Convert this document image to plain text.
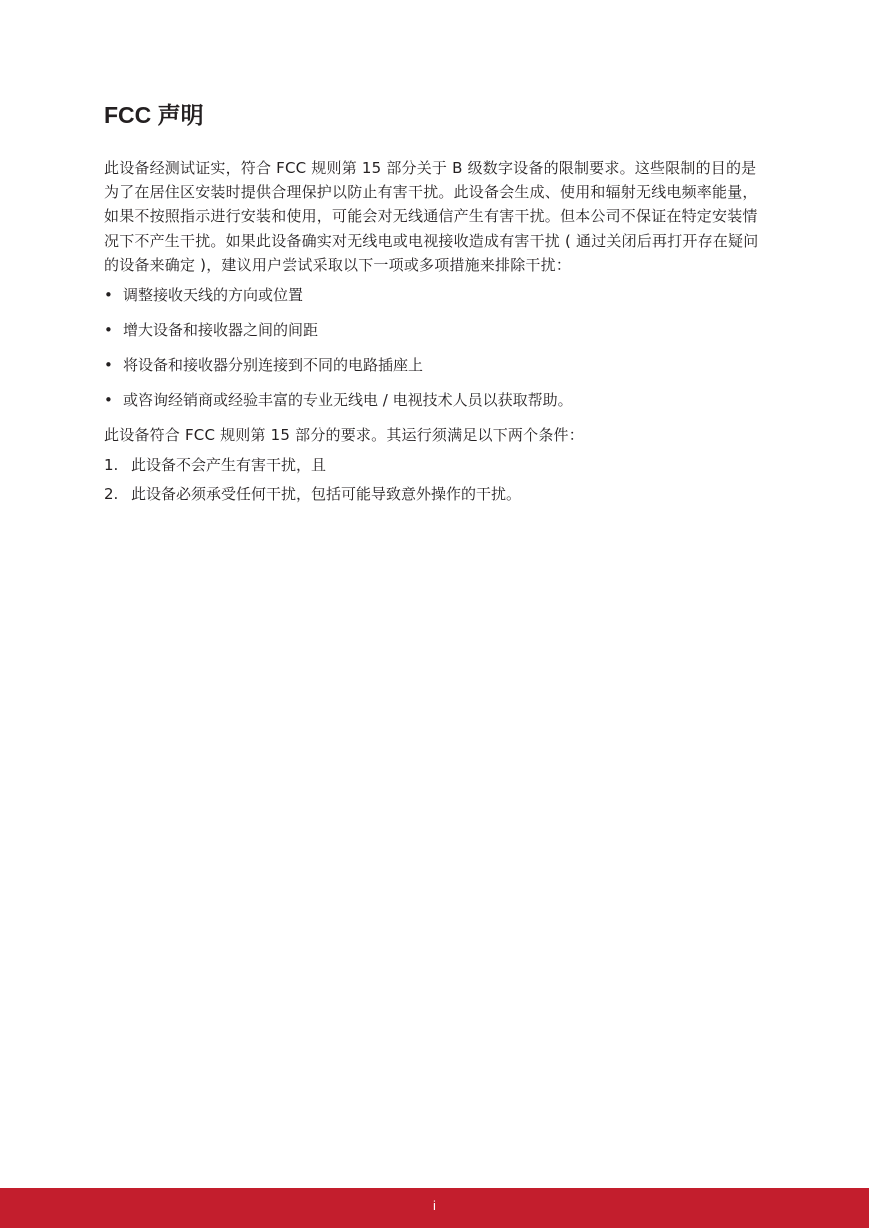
FCC 声明

此设备经测试证实，符合 FCC 规则第 15 部分关于 B 级数字设备的限制要求。这些限制的目的是为了在居住区安装时提供合理保护以防止有害干扰。此设备会生成、使用和辐射无线电频率能量，如果不按照指示进行安装和使用，可能会对无线通信产生有害干扰。但本公司不保证在特定安装情况下不产生干扰。如果此设备确实对无线电或电视接收造成有害干扰 ( 通过关闭后再打开存在疑问的设备来确定 )，建议用户尝试采取以下一项或多项措施来排除干扰：

• 调整接收天线的方向或位置
• 增大设备和接收器之间的间距
• 将设备和接收器分别连接到不同的电路插座上
• 或咨询经销商或经验丰富的专业无线电 / 电视技术人员以获取帮助。

此设备符合 FCC 规则第 15 部分的要求。其运行须满足以下两个条件：

1. 此设备不会产生有害干扰，且
2. 此设备必须承受任何干扰，包括可能导致意外操作的干扰。
i
